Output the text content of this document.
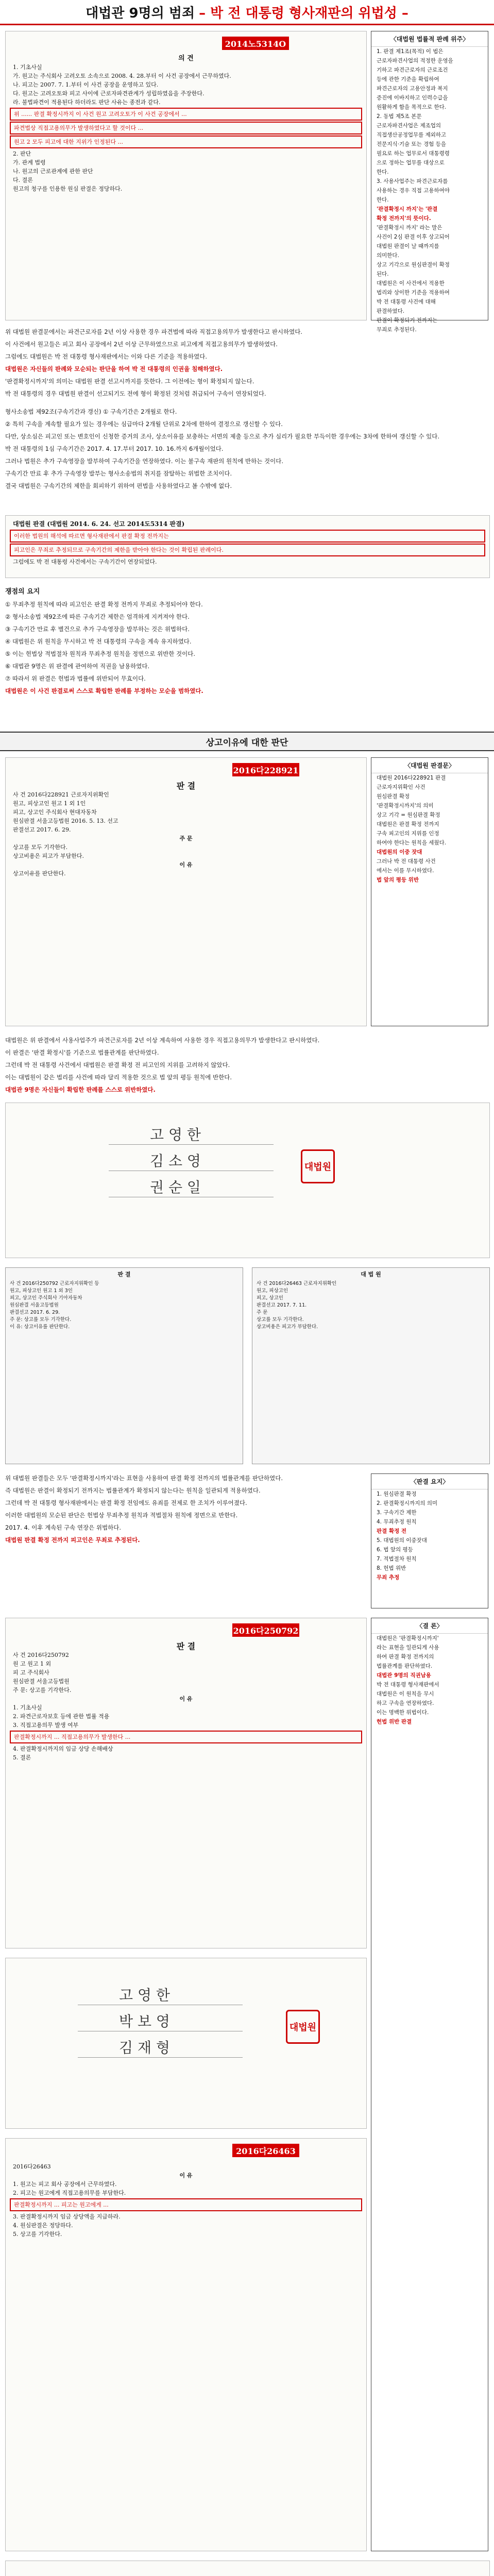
대법관 9명의 범죄 – 박 전 대통령 형사재판의 위법성 –
2014노5314O
의 견
1. 기초사실
가. 원고는 주식회사 고려오토 소속으로 2008. 4. 28.부터 이 사건 공장에서 근무하였다.
나. 피고는 2007. 7. 1.부터 이 사건 공장을 운영하고 있다.
다. 원고는 고려오토와 피고 사이에 근로자파견관계가 성립하였음을 주장한다.
라. 불법파견이 적용된다 하더라도 판단 사유는 종전과 같다.
위 ...... 판결 확정시까지 이 사건 원고 고려오토가 이 사건 공장에서 ...
파견법상 직접고용의무가 발생하였다고 할 것이다 ...
원고 2 모두 피고에 대한 지위가 인정된다 ...
2. 판단
가. 관계 법령
나. 원고의 근로관계에 관한 판단
다. 결론
원고의 청구를 인용한 원심 판결은 정당하다.
〈대법원 법률적 판례 위주〉
1. 판결 제1조(목적) 이 법은
근로자파견사업의 적정한 운영을
기하고 파견근로자의 근로조건
등에 관한 기준을 확립하여
파견근로자의 고용안정과 복지
증진에 이바지하고 인력수급을
원활하게 함을 목적으로 한다.
2. 동법 제5조 본문
근로자파견사업은 제조업의
직접생산공정업무를 제외하고
전문지식·기술 또는 경험 등을
필요로 하는 업무로서 대통령령
으로 정하는 업무를 대상으로
한다.
3. 사용사업주는 파견근로자를
사용하는 경우 직접 고용하여야
한다.
'판결확정시 까지'는 '판결
확정 전까지'의 뜻이다.
'판결확정시 까지' 라는 말은
사건이 2심 판결 이후 상고되어
대법원 판결이 날 때까지를
의미한다.
상고 기각으로 원심판결이 확정
된다.
대법원은 이 사건에서 적용한
법리와 상이한 기준을 적용하여
박 전 대통령 사건에 대해
판결하였다.
판결이 확정되기 전까지는
무죄로 추정된다.

위 대법원 판결문에서는 파견근로자를 2년 이상 사용한 경우 파견법에 따라 직접고용의무가 발생한다고 판시하였다.

이 사건에서 원고들은 피고 회사 공장에서 2년 이상 근무하였으므로 피고에게 직접고용의무가 발생하였다.

그럼에도 대법원은 박 전 대통령 형사재판에서는 이와 다른 기준을 적용하였다.

대법원은 자신들의 판례와 모순되는 판단을 하여 박 전 대통령의 인권을 침해하였다.

'판결확정시까지'의 의미는 대법원 판결 선고시까지를 뜻한다. 그 이전에는 형이 확정되지 않는다.

박 전 대통령의 경우 대법원 판결이 선고되기도 전에 형이 확정된 것처럼 취급되어 구속이 연장되었다.

형사소송법 제92조(구속기간과 갱신) ① 구속기간은 2개월로 한다.

② 특히 구속을 계속할 필요가 있는 경우에는 심급마다 2개월 단위로 2차에 한하여 결정으로 갱신할 수 있다.

다만, 상소심은 피고인 또는 변호인이 신청한 증거의 조사, 상소이유를 보충하는 서면의 제출 등으로 추가 심리가 필요한 부득이한 경우에는 3차에 한하여 갱신할 수 있다.

박 전 대통령의 1심 구속기간은 2017. 4. 17.부터 2017. 10. 16.까지 6개월이었다.

그러나 법원은 추가 구속영장을 발부하여 구속기간을 연장하였다. 이는 불구속 재판의 원칙에 반하는 것이다.

구속기간 만료 후 추가 구속영장 발부는 형사소송법의 취지를 잠탈하는 위법한 조치이다.

결국 대법원은 구속기간의 제한을 회피하기 위하여 편법을 사용하였다고 볼 수밖에 없다.

대법원 판결 (대법원 2014. 6. 24. 선고 2014도5314 판결)
이러한 법원의 해석에 따르면 형사재판에서 판결 확정 전까지는
피고인은 무죄로 추정되므로 구속기간의 제한을 받아야 한다는 것이 확립된 판례이다.
그럼에도 박 전 대통령 사건에서는 구속기간이 연장되었다.

쟁점의 요지

① 무죄추정 원칙에 따라 피고인은 판결 확정 전까지 무죄로 추정되어야 한다.

② 형사소송법 제92조에 따른 구속기간 제한은 엄격하게 지켜져야 한다.

③ 구속기간 만료 후 별건으로 추가 구속영장을 발부하는 것은 위법하다.

④ 대법원은 위 원칙을 무시하고 박 전 대통령의 구속을 계속 유지하였다.

⑤ 이는 헌법상 적법절차 원칙과 무죄추정 원칙을 정면으로 위반한 것이다.

⑥ 대법관 9명은 위 판결에 관여하여 직권을 남용하였다.

⑦ 따라서 위 판결은 헌법과 법률에 위반되어 무효이다.

대법원은 이 사건 판결로써 스스로 확립한 판례를 부정하는 모순을 범하였다.

상고이유에 대한 판단
2016다228921
판 결
사 건 2016다228921 근로자지위확인
원고, 피상고인 원고 1 외 1인
피고, 상고인 주식회사 현대자동차
원심판결 서울고등법원 2016. 5. 13. 선고
판결선고 2017. 6. 29.
주 문
상고를 모두 기각한다.
상고비용은 피고가 부담한다.
이 유
상고이유를 판단한다.
〈대법원 판결문〉
대법원 2016다228921 판결
근로자지위확인 사건
원심판결 확정
'판결확정시까지'의 의미
상고 기각 = 원심판결 확정
대법원은 판결 확정 전까지
구속 피고인의 지위를 인정
하여야 한다는 원칙을 세웠다.
대법원의 이중 잣대
그러나 박 전 대통령 사건
에서는 이를 무시하였다.
법 앞의 평등 위반

대법원은 위 판결에서 사용사업주가 파견근로자를 2년 이상 계속하여 사용한 경우 직접고용의무가 발생한다고 판시하였다.

이 판결은 '판결 확정시'를 기준으로 법률관계를 판단하였다.

그런데 박 전 대통령 사건에서 대법원은 판결 확정 전 피고인의 지위를 고려하지 않았다.

이는 대법원이 같은 법리를 사건에 따라 달리 적용한 것으로 법 앞의 평등 원칙에 반한다.

대법관 9명은 자신들이 확립한 판례를 스스로 위반하였다.

고 영 한
김 소 영
권 순 일
대법원
판 결
사 건 2016다250792 근로자지위확인 등
원고, 피상고인 원고 1 외 3인
피고, 상고인 주식회사 기아자동차
원심판결 서울고등법원
판결선고 2017. 6. 29.
주 문: 상고를 모두 기각한다.
이 유: 상고이유를 판단한다.
대 법 원
사 건 2016다26463 근로자지위확인
원고, 피상고인
피고, 상고인
판결선고 2017. 7. 11.
주 문
상고를 모두 기각한다.
상고비용은 피고가 부담한다.

위 대법원 판결들은 모두 '판결확정시까지'라는 표현을 사용하여 판결 확정 전까지의 법률관계를 판단하였다.

즉 대법원은 판결이 확정되기 전까지는 법률관계가 확정되지 않는다는 원칙을 일관되게 적용하였다.

그런데 박 전 대통령 형사재판에서는 판결 확정 전임에도 유죄를 전제로 한 조치가 이루어졌다.

이러한 대법원의 모순된 판단은 헌법상 무죄추정 원칙과 적법절차 원칙에 정면으로 반한다.

2017. 4. 이후 계속된 구속 연장은 위법하다.

대법원 판결 확정 전까지 피고인은 무죄로 추정된다.

〈판결 요지〉
1. 원심판결 확정
2. 판결확정시까지의 의미
3. 구속기간 제한
4. 무죄추정 원칙
판결 확정 전
5. 대법원의 이중잣대
6. 법 앞의 평등
7. 적법절차 원칙
8. 헌법 위반
무죄 추정
2016다250792
판 결
사 건 2016다250792
원 고 원고 1 외
피 고 주식회사
원심판결 서울고등법원
주 문: 상고를 기각한다.
이 유
1. 기초사실
2. 파견근로자보호 등에 관한 법률 적용
3. 직접고용의무 발생 여부
판결확정시까지 ... 직접고용의무가 발생한다 ...
4. 판결확정시까지의 임금 상당 손해배상
5. 결론
고 영 한
박 보 영
김 재 형
대법원
2016다26463
2016다26463
이 유
1. 원고는 피고 회사 공장에서 근무하였다.
2. 피고는 원고에게 직접고용의무를 부담한다.
판결확정시까지 ... 피고는 원고에게 ...
3. 판결확정시까지 임금 상당액을 지급하라.
4. 원심판결은 정당하다.
5. 상고를 기각한다.
〈결 론〉
대법원은 '판결확정시까지'
라는 표현을 일관되게 사용
하여 판결 확정 전까지의
법률관계를 판단하였다.
대법관 9명의 직권남용
박 전 대통령 형사재판에서
대법원은 이 원칙을 무시
하고 구속을 연장하였다.
이는 명백한 위법이다.
헌법 위반 판결
